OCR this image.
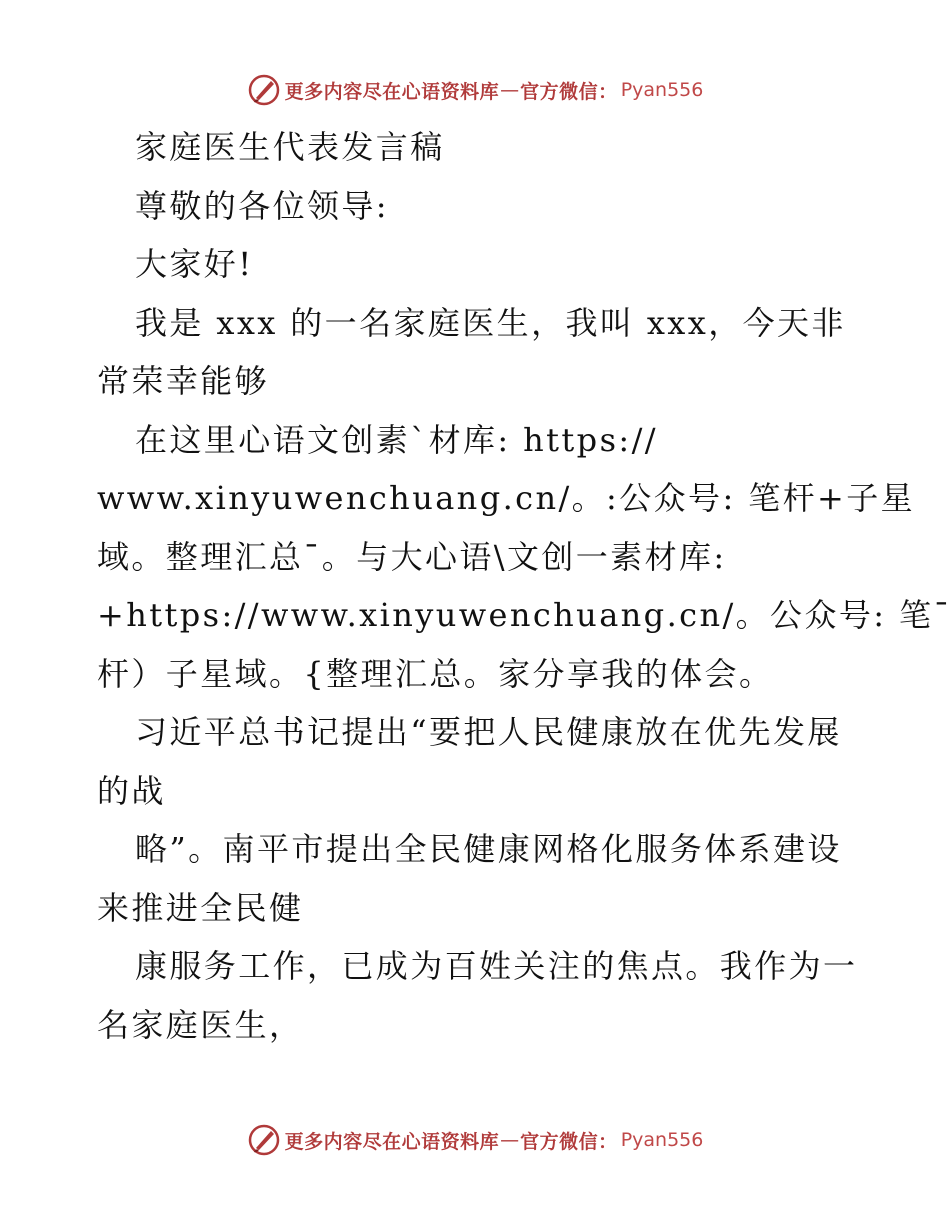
更多内容尽在心语资料库 — 官方微信： Pyan556
家庭医生代表发言稿
尊敬的各位领导:
大家好!
我是 xxx 的一名家庭医生，我叫 xxx，今天非
常荣幸能够
在这里心语文创素`材库: https://
www.xinyuwenchuang.cn/。:公众号: 笔杆+子星
域。整理汇总¯。与大心语\文创一素材库:
+https://www.xinyuwenchuang.cn/。公众号: 笔¯
杆）子星域。{整理汇总。家分享我的体会。
习近平总书记提出“要把人民健康放在优先发展
的战
略”。南平市提出全民健康网格化服务体系建设
来推进全民健
康服务工作，已成为百姓关注的焦点。我作为一
名家庭医生，
更多内容尽在心语资料库 — 官方微信： Pyan556
